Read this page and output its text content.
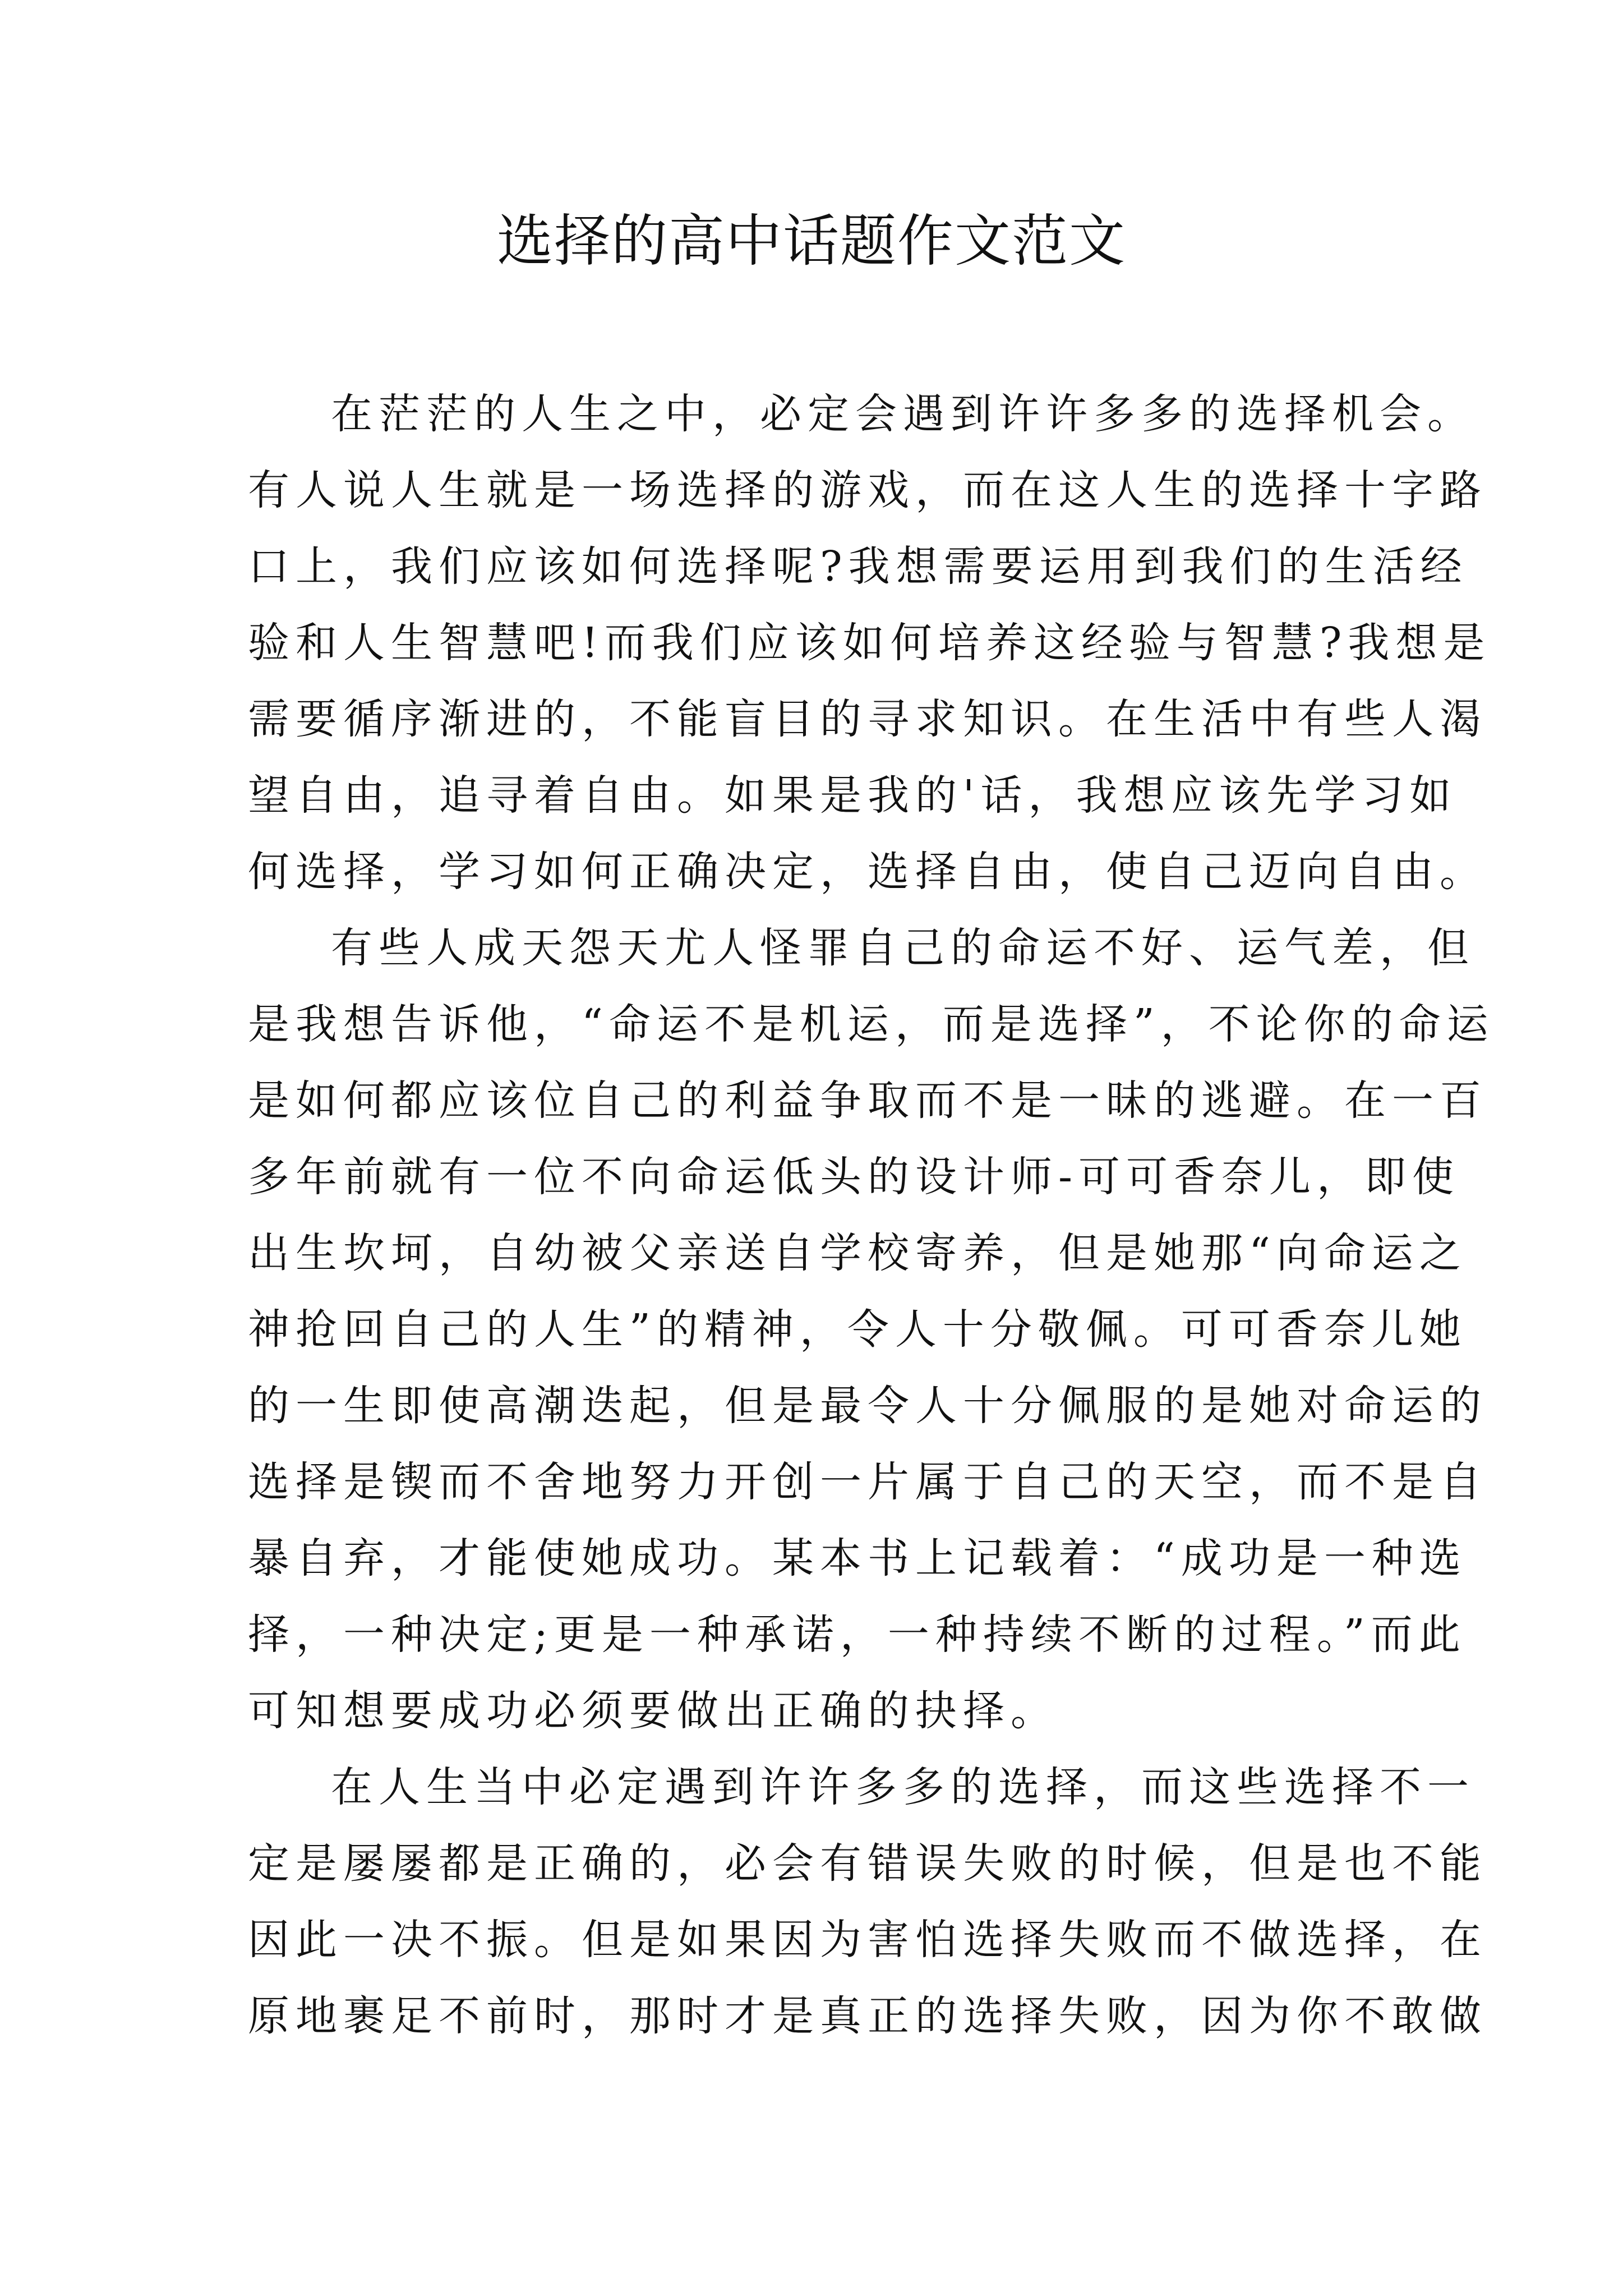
选择的高中话题作文范文
在茫茫的人生之中，必定会遇到许许多多的选择机会。
有人说人生就是一场选择的游戏，而在这人生的选择十字路
口上，我们应该如何选择呢?我想需要运用到我们的生活经
验和人生智慧吧!而我们应该如何培养这经验与智慧?我想是
需要循序渐进的，不能盲目的寻求知识。在生活中有些人渴
望自由，追寻着自由。如果是我的'话，我想应该先学习如
何选择，学习如何正确决定，选择自由，使自己迈向自由。
有些人成天怨天尤人怪罪自己的命运不好、运气差，但
是我想告诉他，“命运不是机运，而是选择”，不论你的命运
是如何都应该位自己的利益争取而不是一昧的逃避。在一百
多年前就有一位不向命运低头的设计师-可可香奈儿，即使
出生坎坷，自幼被父亲送自学校寄养，但是她那“向命运之
神抢回自己的人生”的精神，令人十分敬佩。可可香奈儿她
的一生即使高潮迭起，但是最令人十分佩服的是她对命运的
选择是锲而不舍地努力开创一片属于自己的天空，而不是自
暴自弃，才能使她成功。某本书上记载着：“成功是一种选
择，一种决定;更是一种承诺，一种持续不断的过程。”而此
可知想要成功必须要做出正确的抉择。
在人生当中必定遇到许许多多的选择，而这些选择不一
定是屡屡都是正确的，必会有错误失败的时候，但是也不能
因此一决不振。但是如果因为害怕选择失败而不做选择，在
原地裹足不前时，那时才是真正的选择失败，因为你不敢做
